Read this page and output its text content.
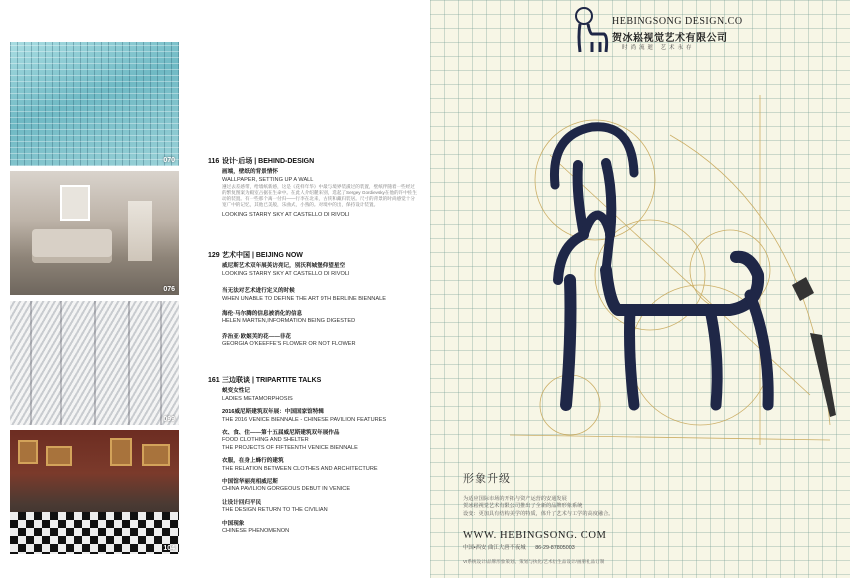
070
076
099
104
116 设计·后场 | BEHIND-DESIGN
画端，壁纸的背景情怀
WALLPAPER, SETTING UP A WALL
遵过去差感带，给墙纸新感，这是《花样年华》中最与境界装潢过的装置，壁纸伴随着一些经过的繁复图案为殿室占据在生命中。在此人介绍麓来别，选起了Sergey Gordievsky在他的许中佐生动的装置。有一些那个离一付归——行李在北来，古侠和藏归装居。尺寸的背景的时尚感觉十分宽广中的记忆，其他已美般，乐曲式，小熟的。对境中的出，保持设计装置。
LOOKING STARRY SKY AT CASTELLO DI RIVOLI
129 艺术中国 | BEIJING NOW
威尼斯艺术双年展英访亮记，别沃利城堡仰望星空
LOOKING STARRY SKY AT CASTELLO DI RIVOLI
当无法对艺术进行定义的时候
WHEN UNABLE TO DEFINE THE ART 9TH BERLINE BIENNALE
海伦·马尔腾的信息被消化的信息
HELEN MARTEN,INFORMATION BEING DIGESTED
乔治亚·欧姬芙的花——非花
GEORGIA O'KEEFFE'S FLOWER OR NOT FLOWER
161 三边联谈 | TRIPARTITE TALKS
蜕变女性记
LADIES METAMORPHOSIS
2016威尼斯建筑双年展：中国国家馆特辑
THE 2016 VENICE BIENNALE - CHINESE PAVILION FEATURES
衣、食、住——第十五届威尼斯建筑双年展作品
FOOD CLOTHING AND SHELTER
THE PROJECTS OF FIFTEENTH VENICE BIENNALE
衣服，在身上蜂行的建筑
THE RELATION BETWEEN CLOTHES AND ARCHITECTURE
中国馆华丽亮相威尼斯
CHINA PAVILION GORGEOUS DEBUT IN VENICE
让设计回归平民
THE DESIGN RETURN TO THE CIVILIAN
中国现象
CHINESE PHENOMENON
HEBINGSONG DESIGN.CO
贺冰崧视觉艺术有限公司
时尚流逝 艺术永存
形象升级
为适应国际市场的开拓与资产运营的安通发展
贺冰崧视觉艺术有限公司推出了全新的品牌形象系统
设变：更加具有结构美学的特质，体升了艺术与工学的高度融合。
WWW. HEBINGSONG. COM
中国•西安 曲江大唐不夜城 86-29-87805003
VI系统设计/品牌形象策划、策划与执化/艺术衍生品设计/画册礼品订制
